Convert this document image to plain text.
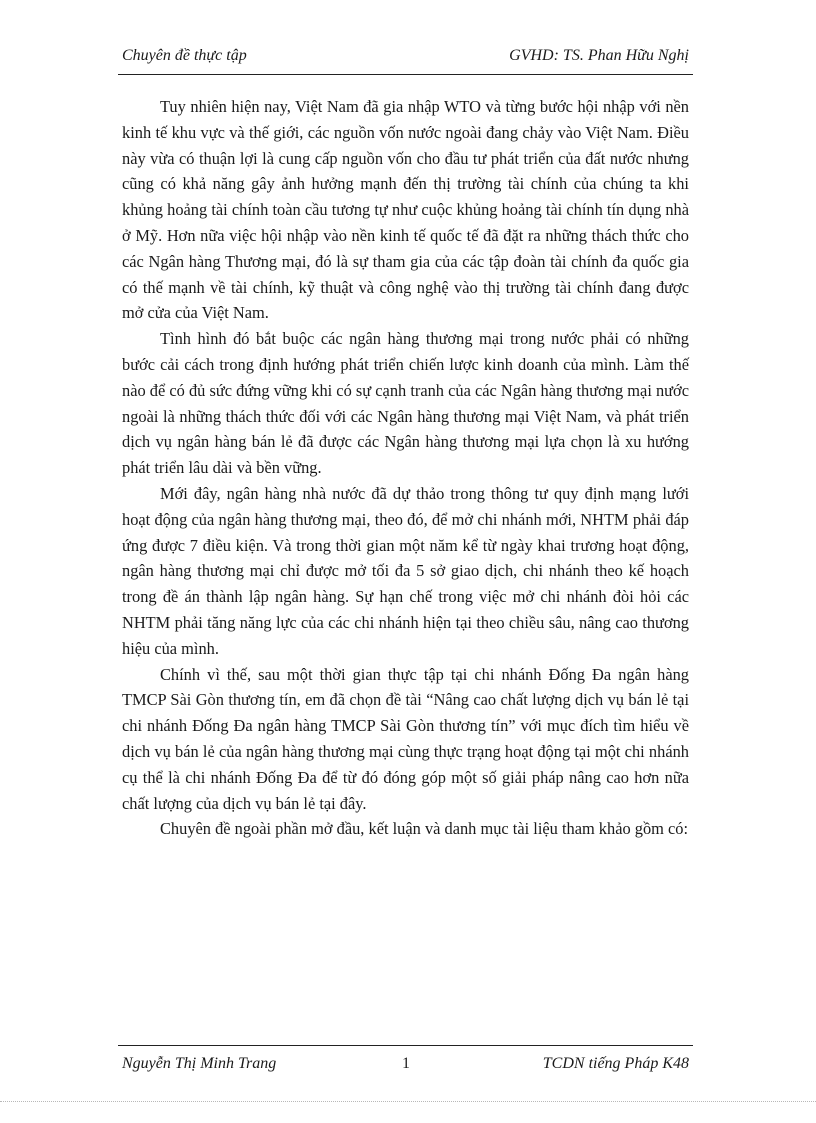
Chuyên đề thực tập	GVHD: TS. Phan Hữu Nghị

Tuy nhiên hiện nay, Việt Nam đã gia nhập WTO và từng bước hội nhập với nền kinh tế khu vực và thế giới, các nguồn vốn nước ngoài đang chảy vào Việt Nam. Điều này vừa có thuận lợi là cung cấp nguồn vốn cho đầu tư phát triển của đất nước nhưng cũng có khả năng gây ảnh hưởng mạnh đến thị trường tài chính của chúng ta khi khủng hoảng tài chính toàn cầu tương tự như cuộc khủng hoảng tài chính tín dụng nhà ở Mỹ. Hơn nữa việc hội nhập vào nền kinh tế quốc tế đã đặt ra những thách thức cho các Ngân hàng Thương mại, đó là sự tham gia của các tập đoàn tài chính đa quốc gia có thế mạnh về tài chính, kỹ thuật và công nghệ vào thị trường tài chính đang được mở cửa của Việt Nam.

Tình hình đó bắt buộc các ngân hàng thương mại trong nước phải có những bước cải cách trong định hướng phát triển chiến lược kinh doanh của mình. Làm thế nào để có đủ sức đứng vững khi có sự cạnh tranh của các Ngân hàng thương mại nước ngoài là những thách thức đối với các Ngân hàng thương mại Việt Nam, và phát triển dịch vụ ngân hàng bán lẻ đã được các Ngân hàng thương mại lựa chọn là xu hướng phát triển lâu dài và bền vững.

Mới đây, ngân hàng nhà nước đã dự thảo trong thông tư quy định mạng lưới hoạt động của ngân hàng thương mại, theo đó, để mở chi nhánh mới, NHTM phải đáp ứng được 7 điều kiện. Và trong thời gian một năm kể từ ngày khai trương hoạt động, ngân hàng thương mại chỉ được mở tối đa 5 sở giao dịch, chi nhánh theo kế hoạch trong đề án thành lập ngân hàng. Sự hạn chế trong việc mở chi nhánh đòi hỏi các NHTM phải tăng năng lực của các chi nhánh hiện tại theo chiều sâu, nâng cao thương hiệu của mình.

Chính vì thế, sau một thời gian thực tập tại chi nhánh Đống Đa ngân hàng TMCP Sài Gòn thương tín, em đã chọn đề tài “Nâng cao chất lượng dịch vụ bán lẻ tại chi nhánh Đống Đa ngân hàng TMCP Sài Gòn thương tín” với mục đích tìm hiểu về dịch vụ bán lẻ của ngân hàng thương mại cùng thực trạng hoạt động tại một chi nhánh cụ thể là chi nhánh Đống Đa để từ đó đóng góp một số giải pháp nâng cao hơn nữa chất lượng của dịch vụ bán lẻ tại đây.

Chuyên đề ngoài phần mở đầu, kết luận và danh mục tài liệu tham khảo gồm có:

Nguyễn Thị Minh Trang	1	TCDN tiếng Pháp K48
